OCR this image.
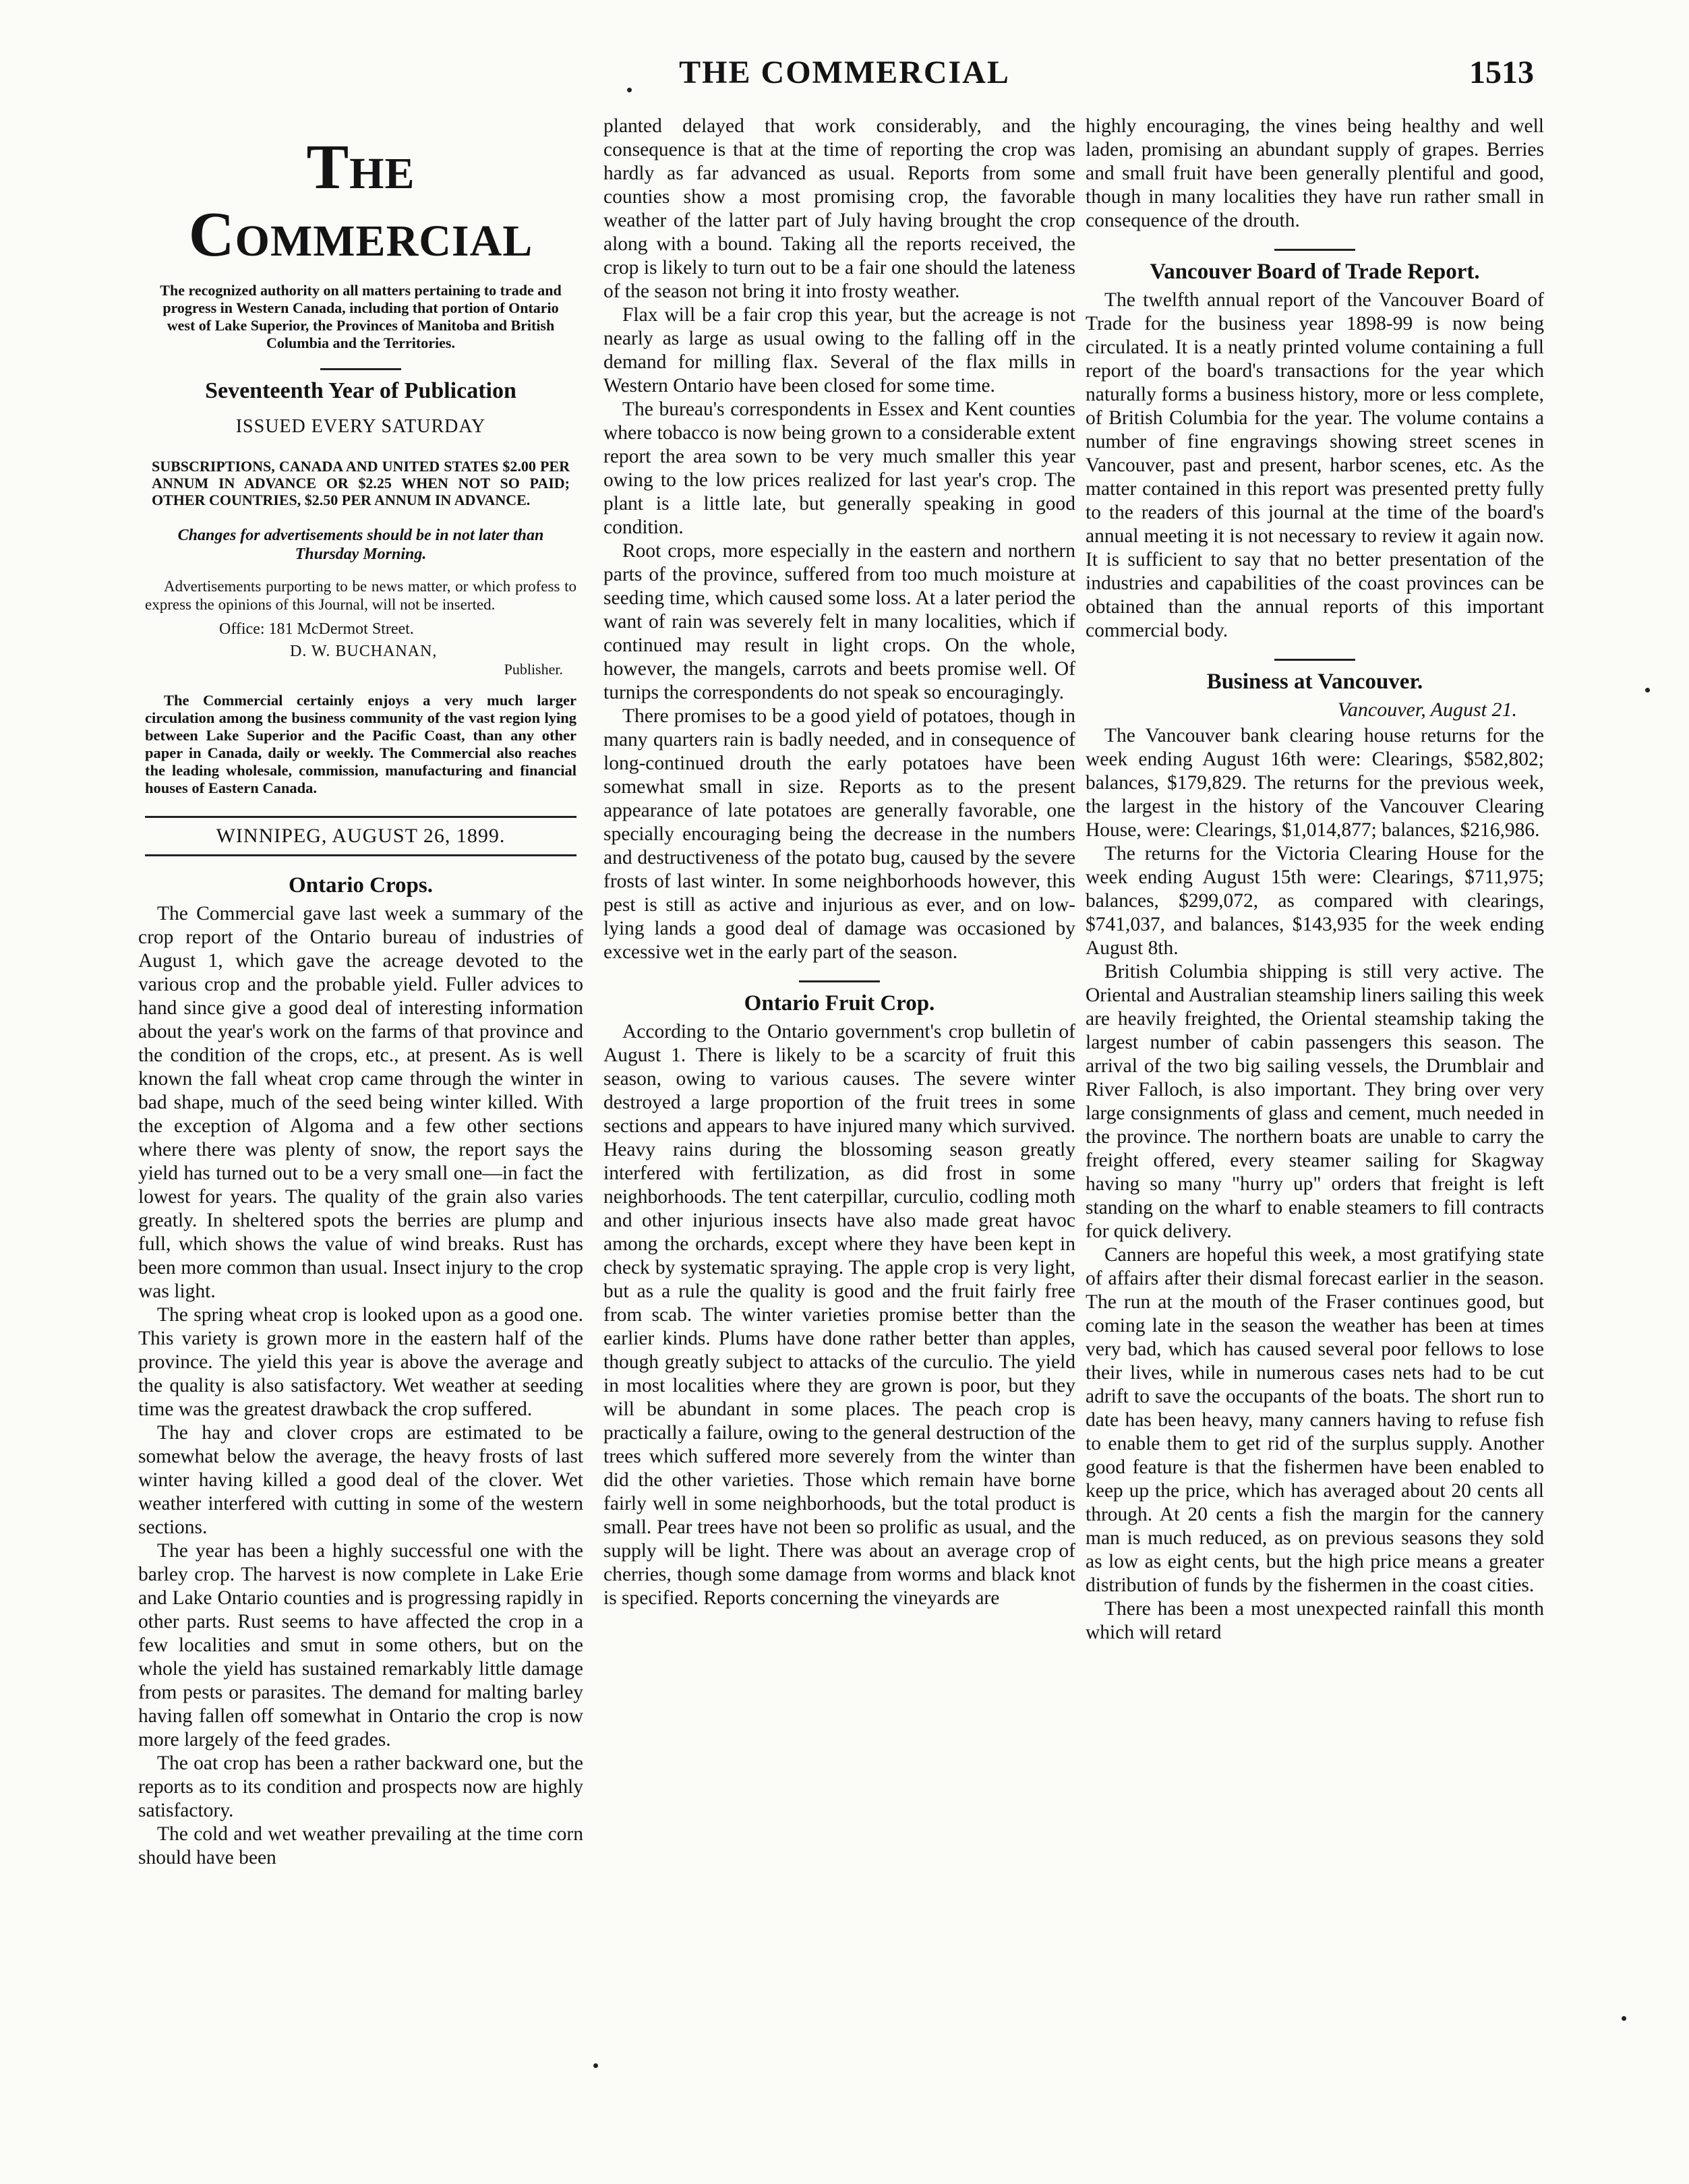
THE COMMERCIAL	1513
The Commercial
The recognized authority on all matters pertaining to trade and progress in Western Canada, including that portion of Ontario west of Lake Superior, the Provinces of Manitoba and British Columbia and the Territories.
Seventeenth Year of Publication
ISSUED EVERY SATURDAY
SUBSCRIPTIONS, CANADA AND UNITED STATES $2.00 PER ANNUM IN ADVANCE OR $2.25 WHEN NOT SO PAID; OTHER COUNTRIES, $2.50 PER ANNUM IN ADVANCE.
Changes for advertisements should be in not later than Thursday Morning.
Advertisements purporting to be news matter, or which profess to express the opinions of this Journal, will not be inserted.
Office: 181 McDermot Street.
D. W. BUCHANAN,
Publisher.
The Commercial certainly enjoys a very much larger circulation among the business community of the vast region lying between Lake Superior and the Pacific Coast, than any other paper in Canada, daily or weekly. The Commercial also reaches the leading wholesale, commission, manufacturing and financial houses of Eastern Canada.
WINNIPEG, AUGUST 26, 1899.
Ontario Crops.

The Commercial gave last week a summary of the crop report of the Ontario bureau of industries of August 1, which gave the acreage devoted to the various crop and the probable yield. Fuller advices to hand since give a good deal of interesting information about the year's work on the farms of that province and the condition of the crops, etc., at present. As is well known the fall wheat crop came through the winter in bad shape, much of the seed being winter killed. With the exception of Algoma and a few other sections where there was plenty of snow, the report says the yield has turned out to be a very small one—in fact the lowest for years. The quality of the grain also varies greatly. In sheltered spots the berries are plump and full, which shows the value of wind breaks. Rust has been more common than usual. Insect injury to the crop was light.

The spring wheat crop is looked upon as a good one. This variety is grown more in the eastern half of the province. The yield this year is above the average and the quality is also satisfactory. Wet weather at seeding time was the greatest drawback the crop suffered.

The hay and clover crops are estimated to be somewhat below the average, the heavy frosts of last winter having killed a good deal of the clover. Wet weather interfered with cutting in some of the western sections.

The year has been a highly successful one with the barley crop. The harvest is now complete in Lake Erie and Lake Ontario counties and is progressing rapidly in other parts. Rust seems to have affected the crop in a few localities and smut in some others, but on the whole the yield has sustained remarkably little damage from pests or parasites. The demand for malting barley having fallen off somewhat in Ontario the crop is now more largely of the feed grades.

The oat crop has been a rather backward one, but the reports as to its condition and prospects now are highly satisfactory.

The cold and wet weather prevailing at the time corn should have been

planted delayed that work considerably, and the consequence is that at the time of reporting the crop was hardly as far advanced as usual. Reports from some counties show a most promising crop, the favorable weather of the latter part of July having brought the crop along with a bound. Taking all the reports received, the crop is likely to turn out to be a fair one should the lateness of the season not bring it into frosty weather.

Flax will be a fair crop this year, but the acreage is not nearly as large as usual owing to the falling off in the demand for milling flax. Several of the flax mills in Western Ontario have been closed for some time.

The bureau's correspondents in Essex and Kent counties where tobacco is now being grown to a considerable extent report the area sown to be very much smaller this year owing to the low prices realized for last year's crop. The plant is a little late, but generally speaking in good condition.

Root crops, more especially in the eastern and northern parts of the province, suffered from too much moisture at seeding time, which caused some loss. At a later period the want of rain was severely felt in many localities, which if continued may result in light crops. On the whole, however, the mangels, carrots and beets promise well. Of turnips the correspondents do not speak so encouragingly.

There promises to be a good yield of potatoes, though in many quarters rain is badly needed, and in consequence of long-continued drouth the early potatoes have been somewhat small in size. Reports as to the present appearance of late potatoes are generally favorable, one specially encouraging being the decrease in the numbers and destructiveness of the potato bug, caused by the severe frosts of last winter. In some neighborhoods however, this pest is still as active and injurious as ever, and on low-lying lands a good deal of damage was occasioned by excessive wet in the early part of the season.

Ontario Fruit Crop.

According to the Ontario government's crop bulletin of August 1. There is likely to be a scarcity of fruit this season, owing to various causes. The severe winter destroyed a large proportion of the fruit trees in some sections and appears to have injured many which survived. Heavy rains during the blossoming season greatly interfered with fertilization, as did frost in some neighborhoods. The tent caterpillar, curculio, codling moth and other injurious insects have also made great havoc among the orchards, except where they have been kept in check by systematic spraying. The apple crop is very light, but as a rule the quality is good and the fruit fairly free from scab. The winter varieties promise better than the earlier kinds. Plums have done rather better than apples, though greatly subject to attacks of the curculio. The yield in most localities where they are grown is poor, but they will be abundant in some places. The peach crop is practically a failure, owing to the general destruction of the trees which suffered more severely from the winter than did the other varieties. Those which remain have borne fairly well in some neighborhoods, but the total product is small. Pear trees have not been so prolific as usual, and the supply will be light. There was about an average crop of cherries, though some damage from worms and black knot is specified. Reports concerning the vineyards are

highly encouraging, the vines being healthy and well laden, promising an abundant supply of grapes. Berries and small fruit have been generally plentiful and good, though in many localities they have run rather small in consequence of the drouth.

Vancouver Board of Trade Report.

The twelfth annual report of the Vancouver Board of Trade for the business year 1898-99 is now being circulated. It is a neatly printed volume containing a full report of the board's transactions for the year which naturally forms a business history, more or less complete, of British Columbia for the year. The volume contains a number of fine engravings showing street scenes in Vancouver, past and present, harbor scenes, etc. As the matter contained in this report was presented pretty fully to the readers of this journal at the time of the board's annual meeting it is not necessary to review it again now. It is sufficient to say that no better presentation of the industries and capabilities of the coast provinces can be obtained than the annual reports of this important commercial body.

Business at Vancouver.
Vancouver, August 21.

The Vancouver bank clearing house returns for the week ending August 16th were: Clearings, $582,802; balances, $179,829. The returns for the previous week, the largest in the history of the Vancouver Clearing House, were: Clearings, $1,014,877; balances, $216,986.

The returns for the Victoria Clearing House for the week ending August 15th were: Clearings, $711,975; balances, $299,072, as compared with clearings, $741,037, and balances, $143,935 for the week ending August 8th.

British Columbia shipping is still very active. The Oriental and Australian steamship liners sailing this week are heavily freighted, the Oriental steamship taking the largest number of cabin passengers this season. The arrival of the two big sailing vessels, the Drumblair and River Falloch, is also important. They bring over very large consignments of glass and cement, much needed in the province. The northern boats are unable to carry the freight offered, every steamer sailing for Skagway having so many "hurry up" orders that freight is left standing on the wharf to enable steamers to fill contracts for quick delivery.

Canners are hopeful this week, a most gratifying state of affairs after their dismal forecast earlier in the season. The run at the mouth of the Fraser continues good, but coming late in the season the weather has been at times very bad, which has caused several poor fellows to lose their lives, while in numerous cases nets had to be cut adrift to save the occupants of the boats. The short run to date has been heavy, many canners having to refuse fish to enable them to get rid of the surplus supply. Another good feature is that the fishermen have been enabled to keep up the price, which has averaged about 20 cents all through. At 20 cents a fish the margin for the cannery man is much reduced, as on previous seasons they sold as low as eight cents, but the high price means a greater distribution of funds by the fishermen in the coast cities.

There has been a most unexpected rainfall this month which will retard
